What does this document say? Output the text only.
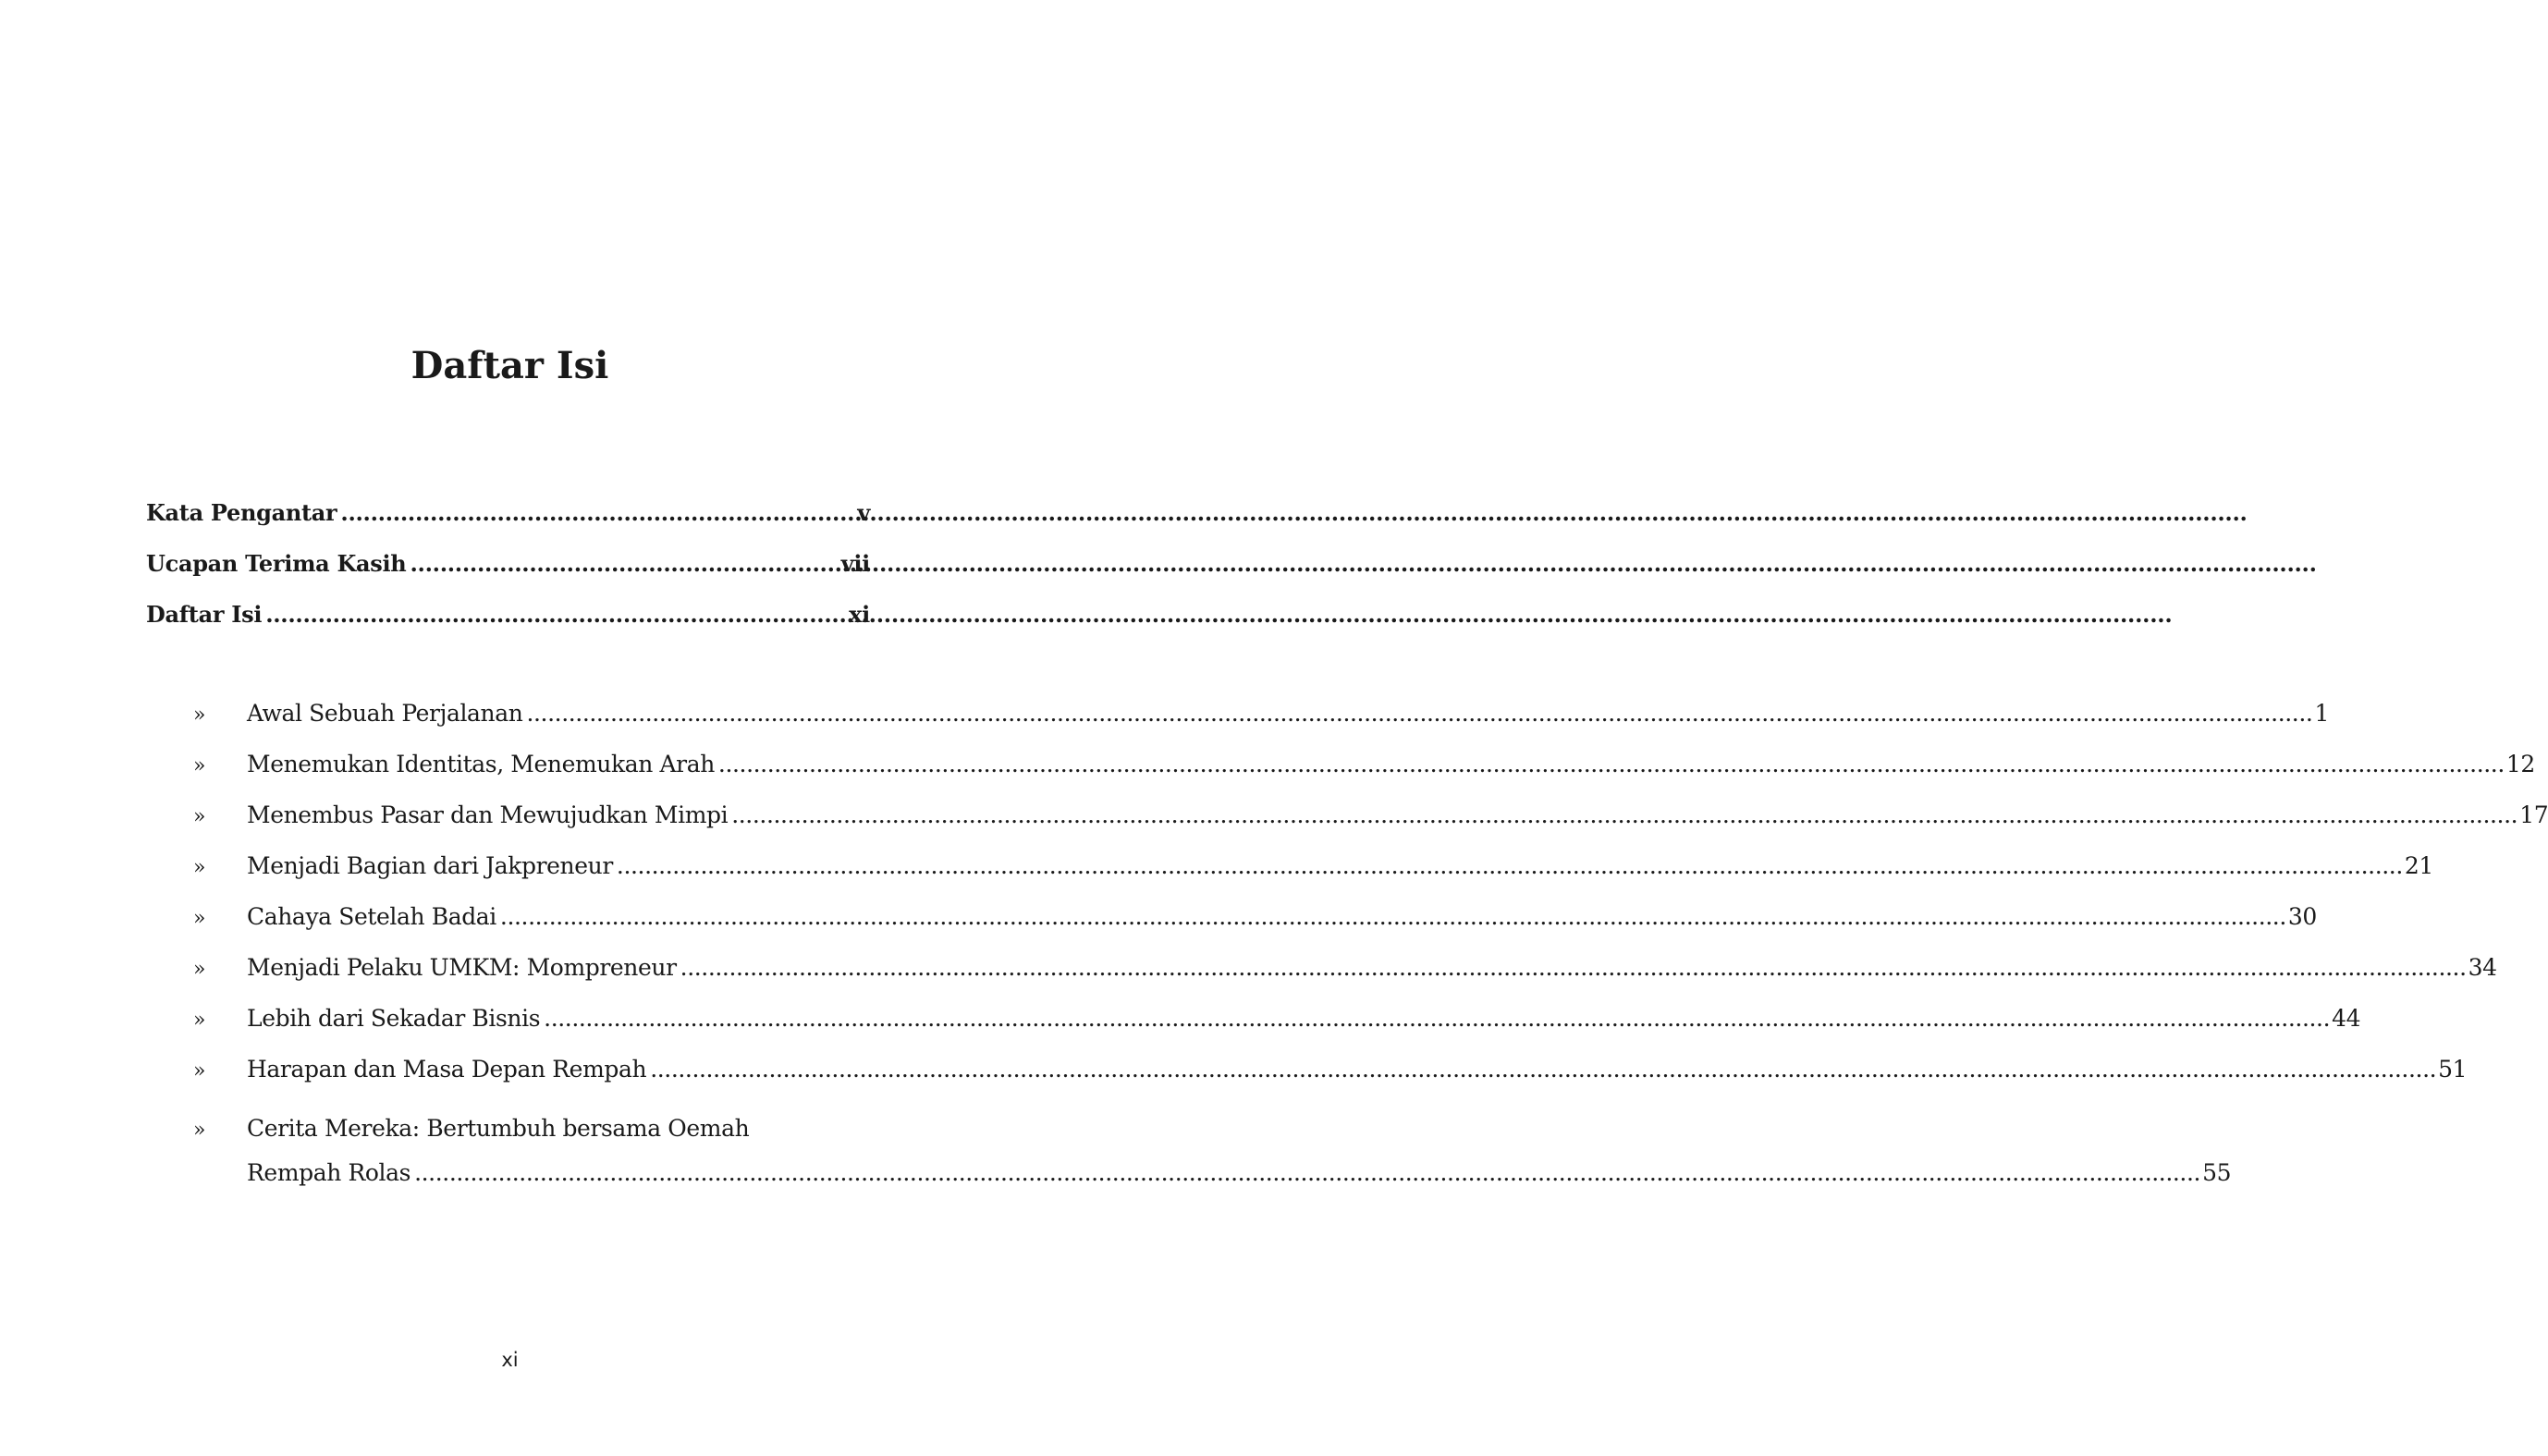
Daftar Isi
Kata Pengantar .....	v
Ucapan Terima Kasih .....	vii
Daftar Isi .....	xi
»	Awal Sebuah Perjalanan .....	1
»	Menemukan Identitas, Menemukan Arah .....	12
»	Menembus Pasar dan Mewujudkan Mimpi .....	17
»	Menjadi Bagian dari Jakpreneur .....	21
»	Cahaya Setelah Badai .....	30
»	Menjadi Pelaku UMKM: Mompreneur .....	34
»	Lebih dari Sekadar Bisnis .....	44
»	Harapan dan Masa Depan Rempah .....	51
»	Cerita Mereka: Bertumbuh bersama Oemah
Rempah Rolas .....	55
xi
